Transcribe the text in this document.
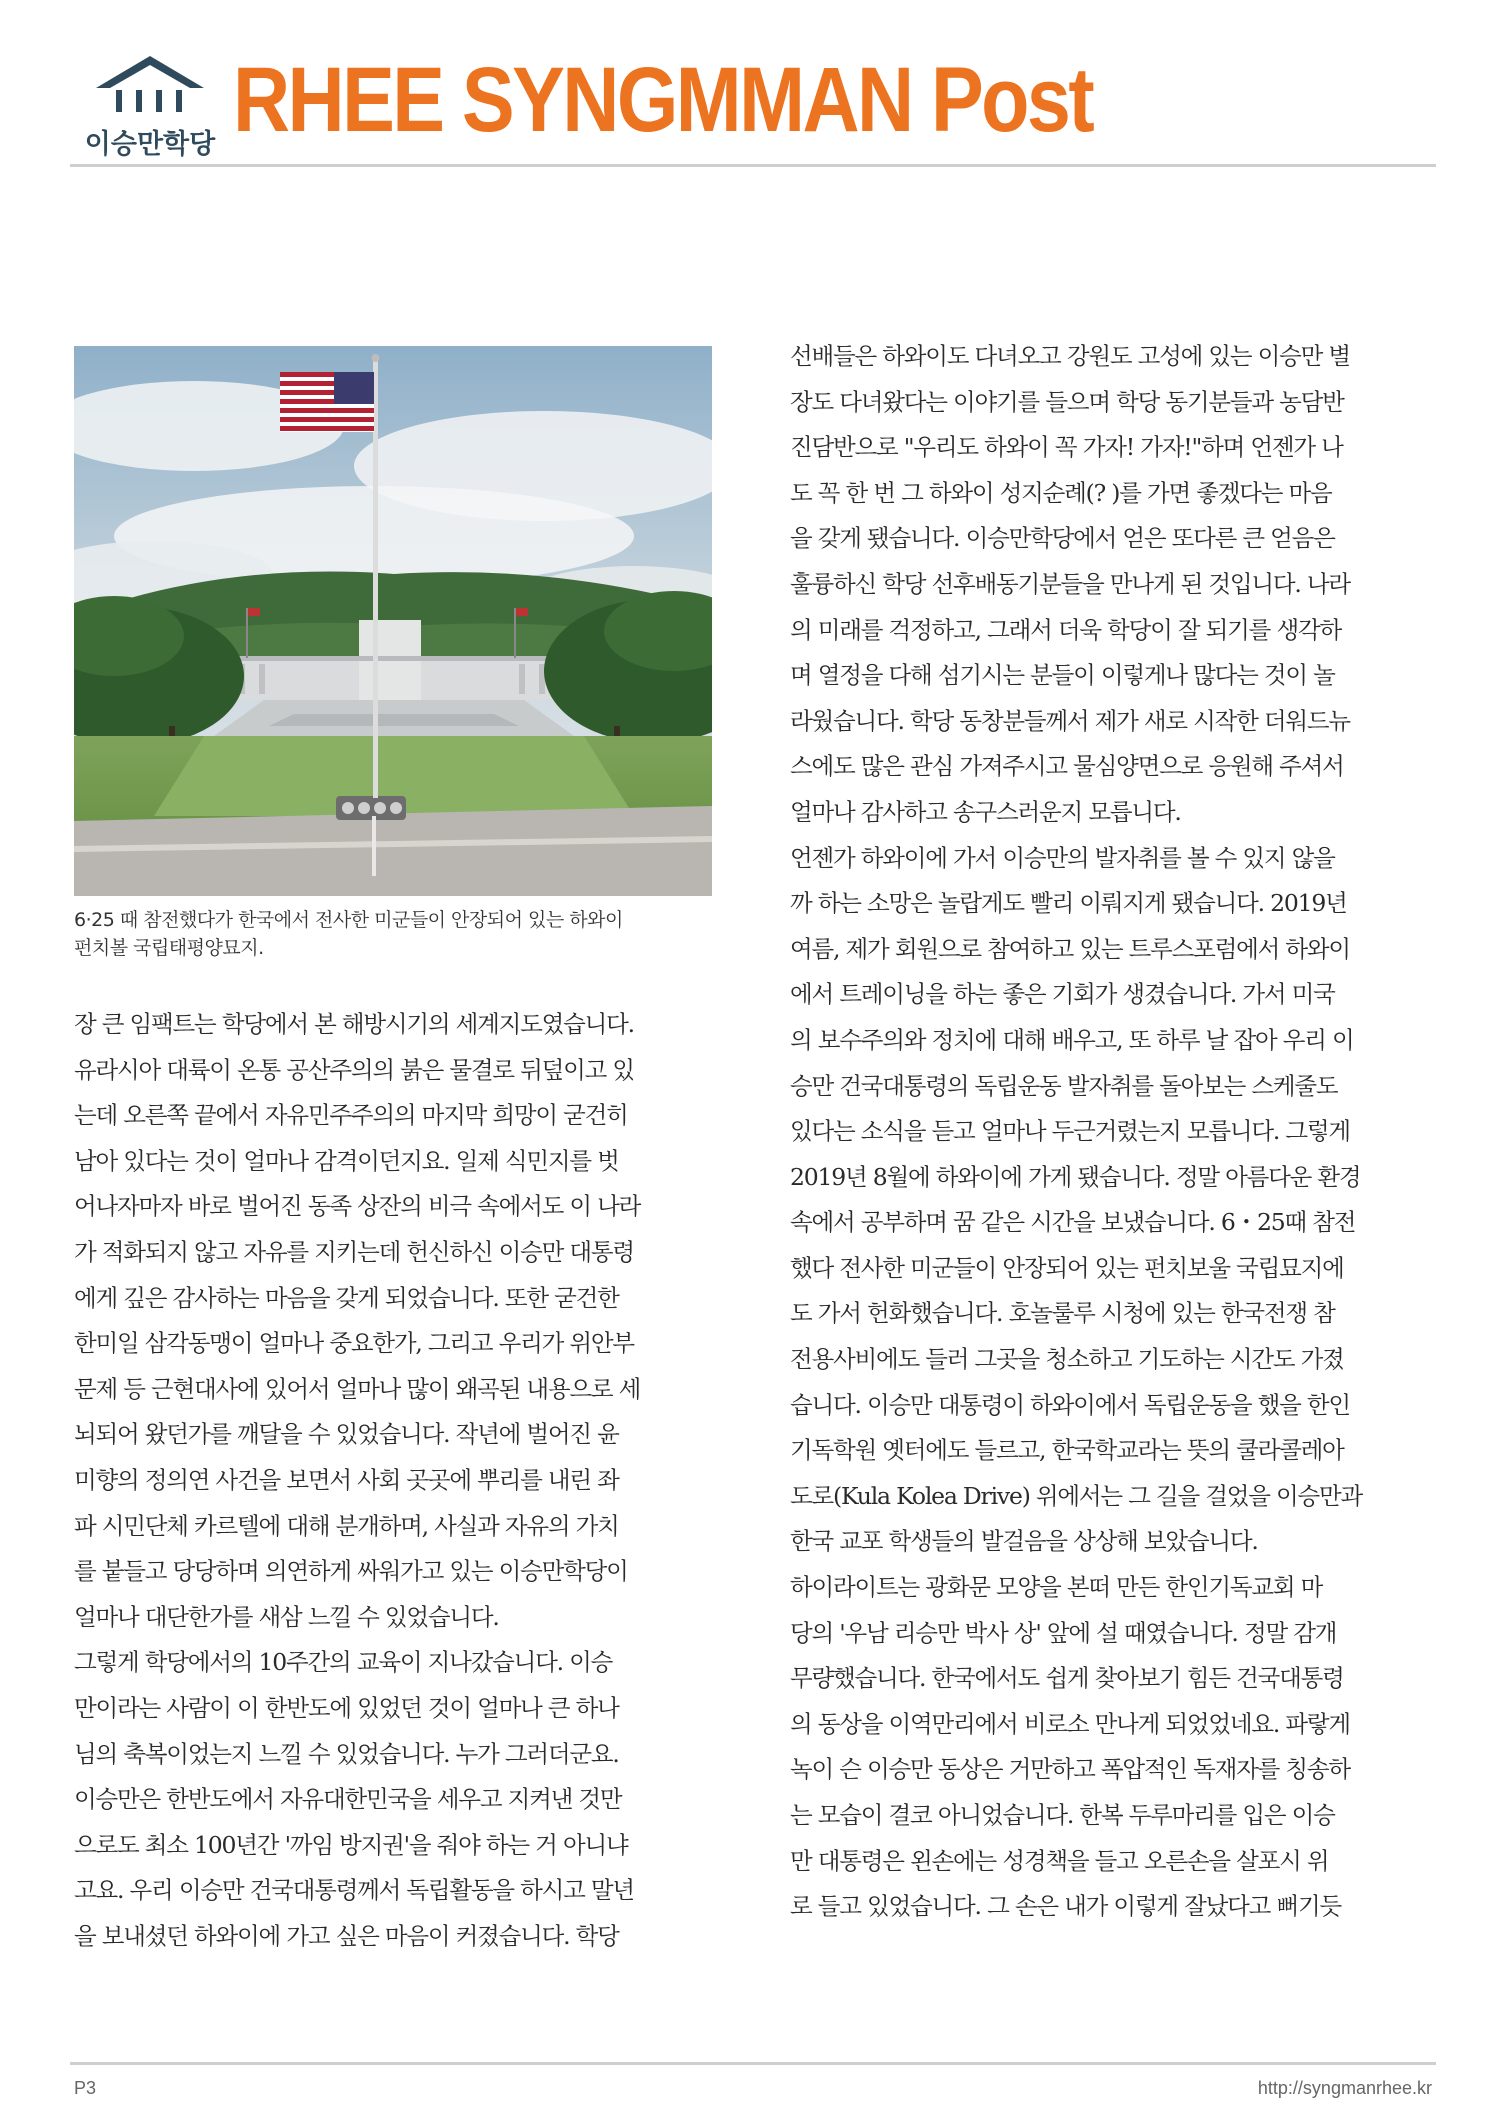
이승만학당 RHEE SYNGMMAN Post
6·25 때 참전했다가 한국에서 전사한 미군들이 안장되어 있는 하와이
펀치볼 국립태평양묘지.
장 큰 임팩트는 학당에서 본 해방시기의 세계지도였습니다.
유라시아 대륙이 온통 공산주의의 붉은 물결로 뒤덮이고 있
는데 오른쪽 끝에서 자유민주주의의 마지막 희망이 굳건히
남아 있다는 것이 얼마나 감격이던지요. 일제 식민지를 벗
어나자마자 바로 벌어진 동족 상잔의 비극 속에서도 이 나라
가 적화되지 않고 자유를 지키는데 헌신하신 이승만 대통령
에게 깊은 감사하는 마음을 갖게 되었습니다. 또한 굳건한
한미일 삼각동맹이 얼마나 중요한가, 그리고 우리가 위안부
문제 등 근현대사에 있어서 얼마나 많이 왜곡된 내용으로 세
뇌되어 왔던가를 깨달을 수 있었습니다. 작년에 벌어진 윤
미향의 정의연 사건을 보면서 사회 곳곳에 뿌리를 내린 좌
파 시민단체 카르텔에 대해 분개하며, 사실과 자유의 가치
를 붙들고 당당하며 의연하게 싸워가고 있는 이승만학당이
얼마나 대단한가를 새삼 느낄 수 있었습니다.
그렇게 학당에서의 10주간의 교육이 지나갔습니다. 이승
만이라는 사람이 이 한반도에 있었던 것이 얼마나 큰 하나
님의 축복이었는지 느낄 수 있었습니다. 누가 그러더군요.
이승만은 한반도에서 자유대한민국을 세우고 지켜낸 것만
으로도 최소 100년간 '까임 방지권'을 줘야 하는 거 아니냐
고요. 우리 이승만 건국대통령께서 독립활동을 하시고 말년
을 보내셨던 하와이에 가고 싶은 마음이 커졌습니다. 학당
선배들은 하와이도 다녀오고 강원도 고성에 있는 이승만 별
장도 다녀왔다는 이야기를 들으며 학당 동기분들과 농담반
진담반으로 "우리도 하와이 꼭 가자! 가자!"하며 언젠가 나
도 꼭 한 번 그 하와이 성지순례(? )를 가면 좋겠다는 마음
을 갖게 됐습니다. 이승만학당에서 얻은 또다른 큰 얻음은
훌륭하신 학당 선후배동기분들을 만나게 된 것입니다. 나라
의 미래를 걱정하고, 그래서 더욱 학당이 잘 되기를 생각하
며 열정을 다해 섬기시는 분들이 이렇게나 많다는 것이 놀
라웠습니다. 학당 동창분들께서 제가 새로 시작한 더워드뉴
스에도 많은 관심 가져주시고 물심양면으로 응원해 주셔서
얼마나 감사하고 송구스러운지 모릅니다.
언젠가 하와이에 가서 이승만의 발자취를 볼 수 있지 않을
까 하는 소망은 놀랍게도 빨리 이뤄지게 됐습니다. 2019년
여름, 제가 회원으로 참여하고 있는 트루스포럼에서 하와이
에서 트레이닝을 하는 좋은 기회가 생겼습니다. 가서 미국
의 보수주의와 정치에 대해 배우고, 또 하루 날 잡아 우리 이
승만 건국대통령의 독립운동 발자취를 돌아보는 스케줄도
있다는 소식을 듣고 얼마나 두근거렸는지 모릅니다. 그렇게
2019년 8월에 하와이에 가게 됐습니다. 정말 아름다운 환경
속에서 공부하며 꿈 같은 시간을 보냈습니다. 6・25때 참전
했다 전사한 미군들이 안장되어 있는 펀치보울 국립묘지에
도 가서 헌화했습니다. 호놀룰루 시청에 있는 한국전쟁 참
전용사비에도 들러 그곳을 청소하고 기도하는 시간도 가졌
습니다. 이승만 대통령이 하와이에서 독립운동을 했을 한인
기독학원 옛터에도 들르고, 한국학교라는 뜻의 쿨라콜레아
도로(Kula Kolea Drive) 위에서는 그 길을 걸었을 이승만과
한국 교포 학생들의 발걸음을 상상해 보았습니다.
하이라이트는 광화문 모양을 본떠 만든 한인기독교회 마
당의 '우남 리승만 박사 상' 앞에 설 때였습니다. 정말 감개
무량했습니다. 한국에서도 쉽게 찾아보기 힘든 건국대통령
의 동상을 이역만리에서 비로소 만나게 되었었네요. 파랗게
녹이 슨 이승만 동상은 거만하고 폭압적인 독재자를 칭송하
는 모습이 결코 아니었습니다. 한복 두루마리를 입은 이승
만 대통령은 왼손에는 성경책을 들고 오른손을 살포시 위
로 들고 있었습니다. 그 손은 내가 이렇게 잘났다고 뻐기듯
P3	http://syngmanrhee.kr
